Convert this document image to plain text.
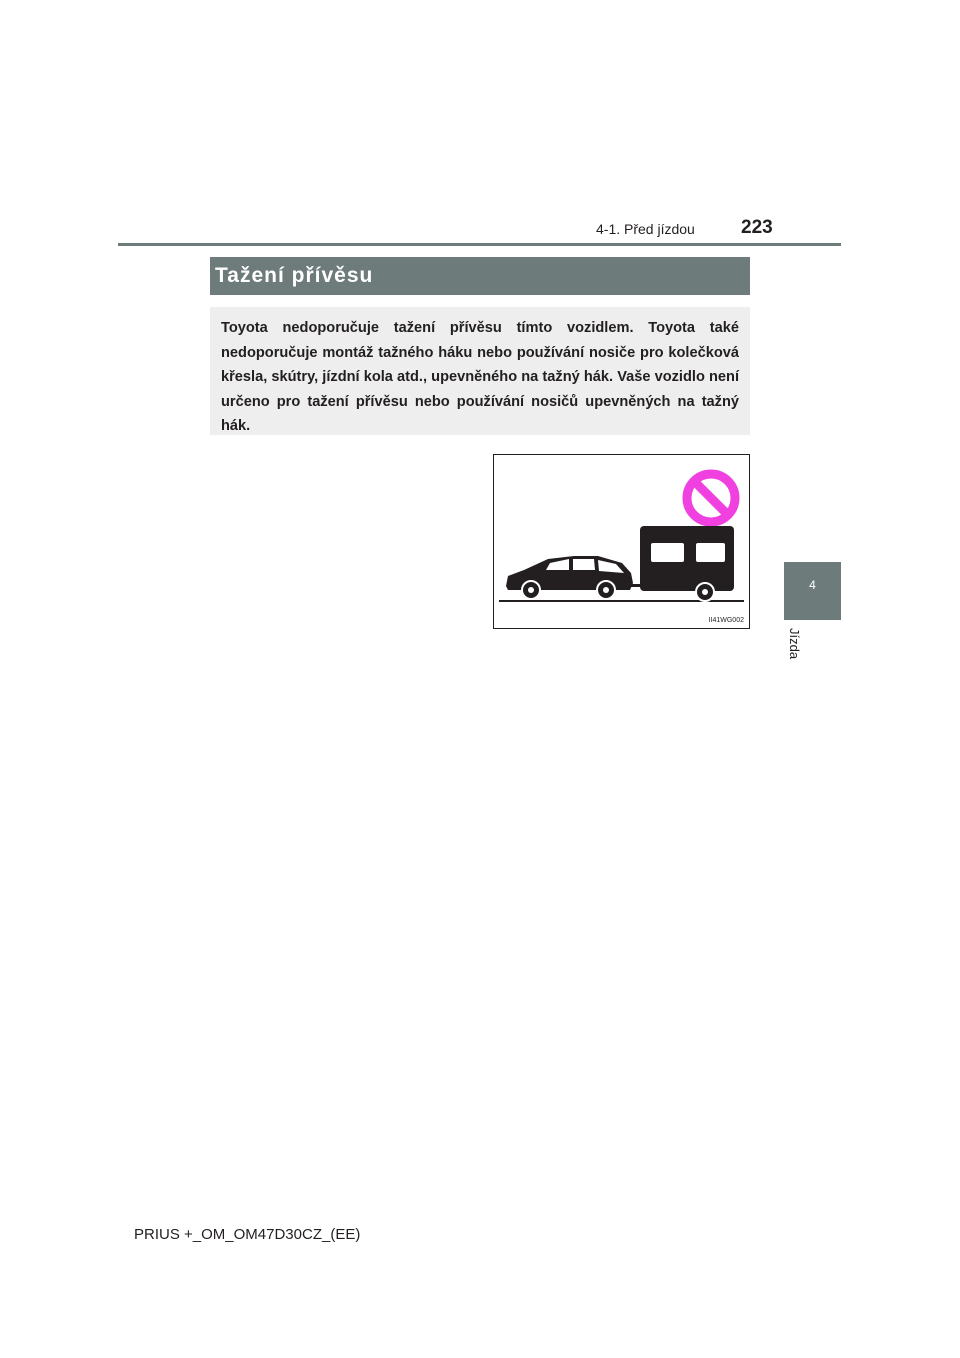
4-1. Před jízdou 223
4
Jízda
Tažení přívěsu

Toyota nedoporučuje tažení přívěsu tímto vozidlem. Toyota také nedoporučuje montáž tažného háku nebo používání nosiče pro kolečková křesla, skútry, jízdní kola atd., upevněného na tažný hák. Vaše vozidlo není určeno pro tažení přívěsu nebo používání nosičů upevněných na tažný hák.

II41WG002
PRIUS +_OM_OM47D30CZ_(EE)
